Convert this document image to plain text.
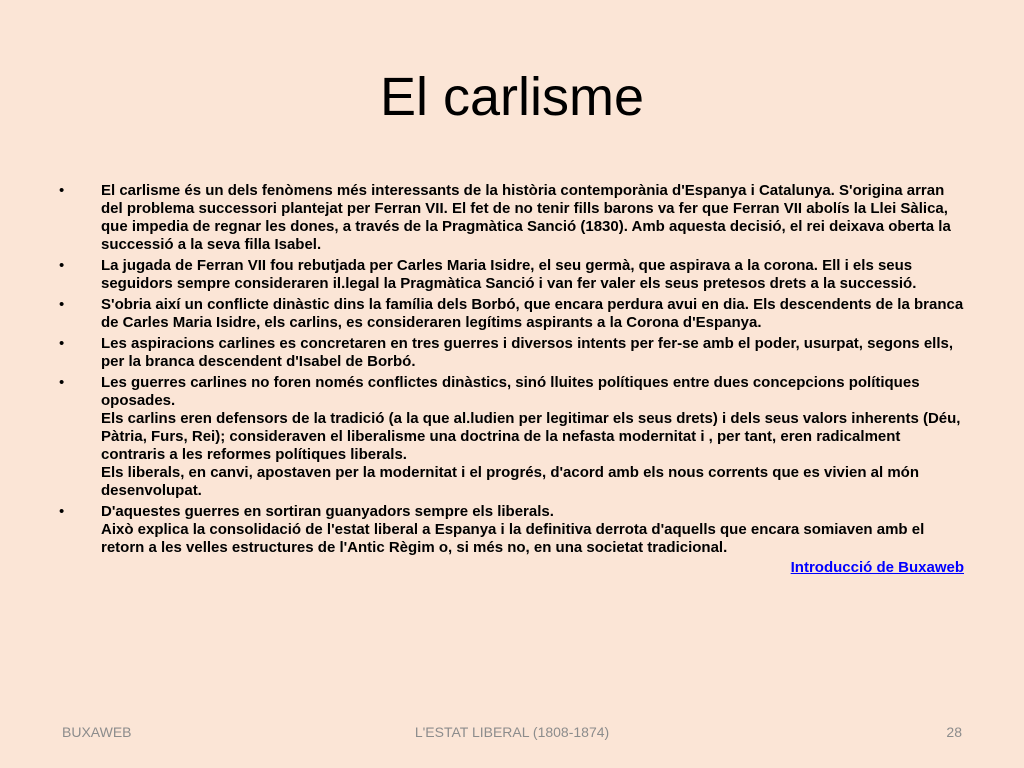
El carlisme
• El carlisme és un dels fenòmens més interessants de la història contemporània d'Espanya i Catalunya. S'origina arran del problema successori plantejat per Ferran VII. El fet de no tenir fills barons va fer que Ferran VII abolís la Llei Sàlica, que impedia de regnar les dones, a través de la Pragmàtica Sanció (1830). Amb aquesta decisió, el rei deixava oberta la successió a la seva filla Isabel.
• La jugada de Ferran VII fou rebutjada per Carles Maria Isidre, el seu germà, que aspirava a la corona. Ell i els seus seguidors sempre consideraren il.legal la Pragmàtica Sanció i van fer valer els seus pretesos drets a la successió.
• S'obria així un conflicte dinàstic dins la família dels Borbó, que encara perdura avui en dia. Els descendents de la branca de Carles Maria Isidre, els carlins, es consideraren legítims aspirants a la Corona d'Espanya.
• Les aspiracions carlines es concretaren en tres guerres i diversos intents per fer-se amb el poder, usurpat, segons ells, per la branca descendent d'Isabel de Borbó.
• Les guerres carlines no foren només conflictes dinàstics, sinó lluites polítiques entre dues concepcions polítiques oposades.
Els carlins eren defensors de la tradició (a la que al.ludien per legitimar els seus drets) i dels seus valors inherents (Déu, Pàtria, Furs, Rei); consideraven el liberalisme una doctrina de la nefasta modernitat i , per tant, eren radicalment contraris a les reformes polítiques liberals.
Els liberals, en canvi, apostaven per la modernitat i el progrés, d'acord amb els nous corrents que es vivien al món desenvolupat.
• D'aquestes guerres en sortiran guanyadors sempre els liberals.
Això explica la consolidació de l'estat liberal a Espanya i la definitiva derrota d'aquells que encara somiaven amb el retorn a les velles estructures de l'Antic Règim o, si més no, en una societat tradicional.
Introducció de Buxaweb
BUXAWEB	L'ESTAT LIBERAL (1808-1874)	28
